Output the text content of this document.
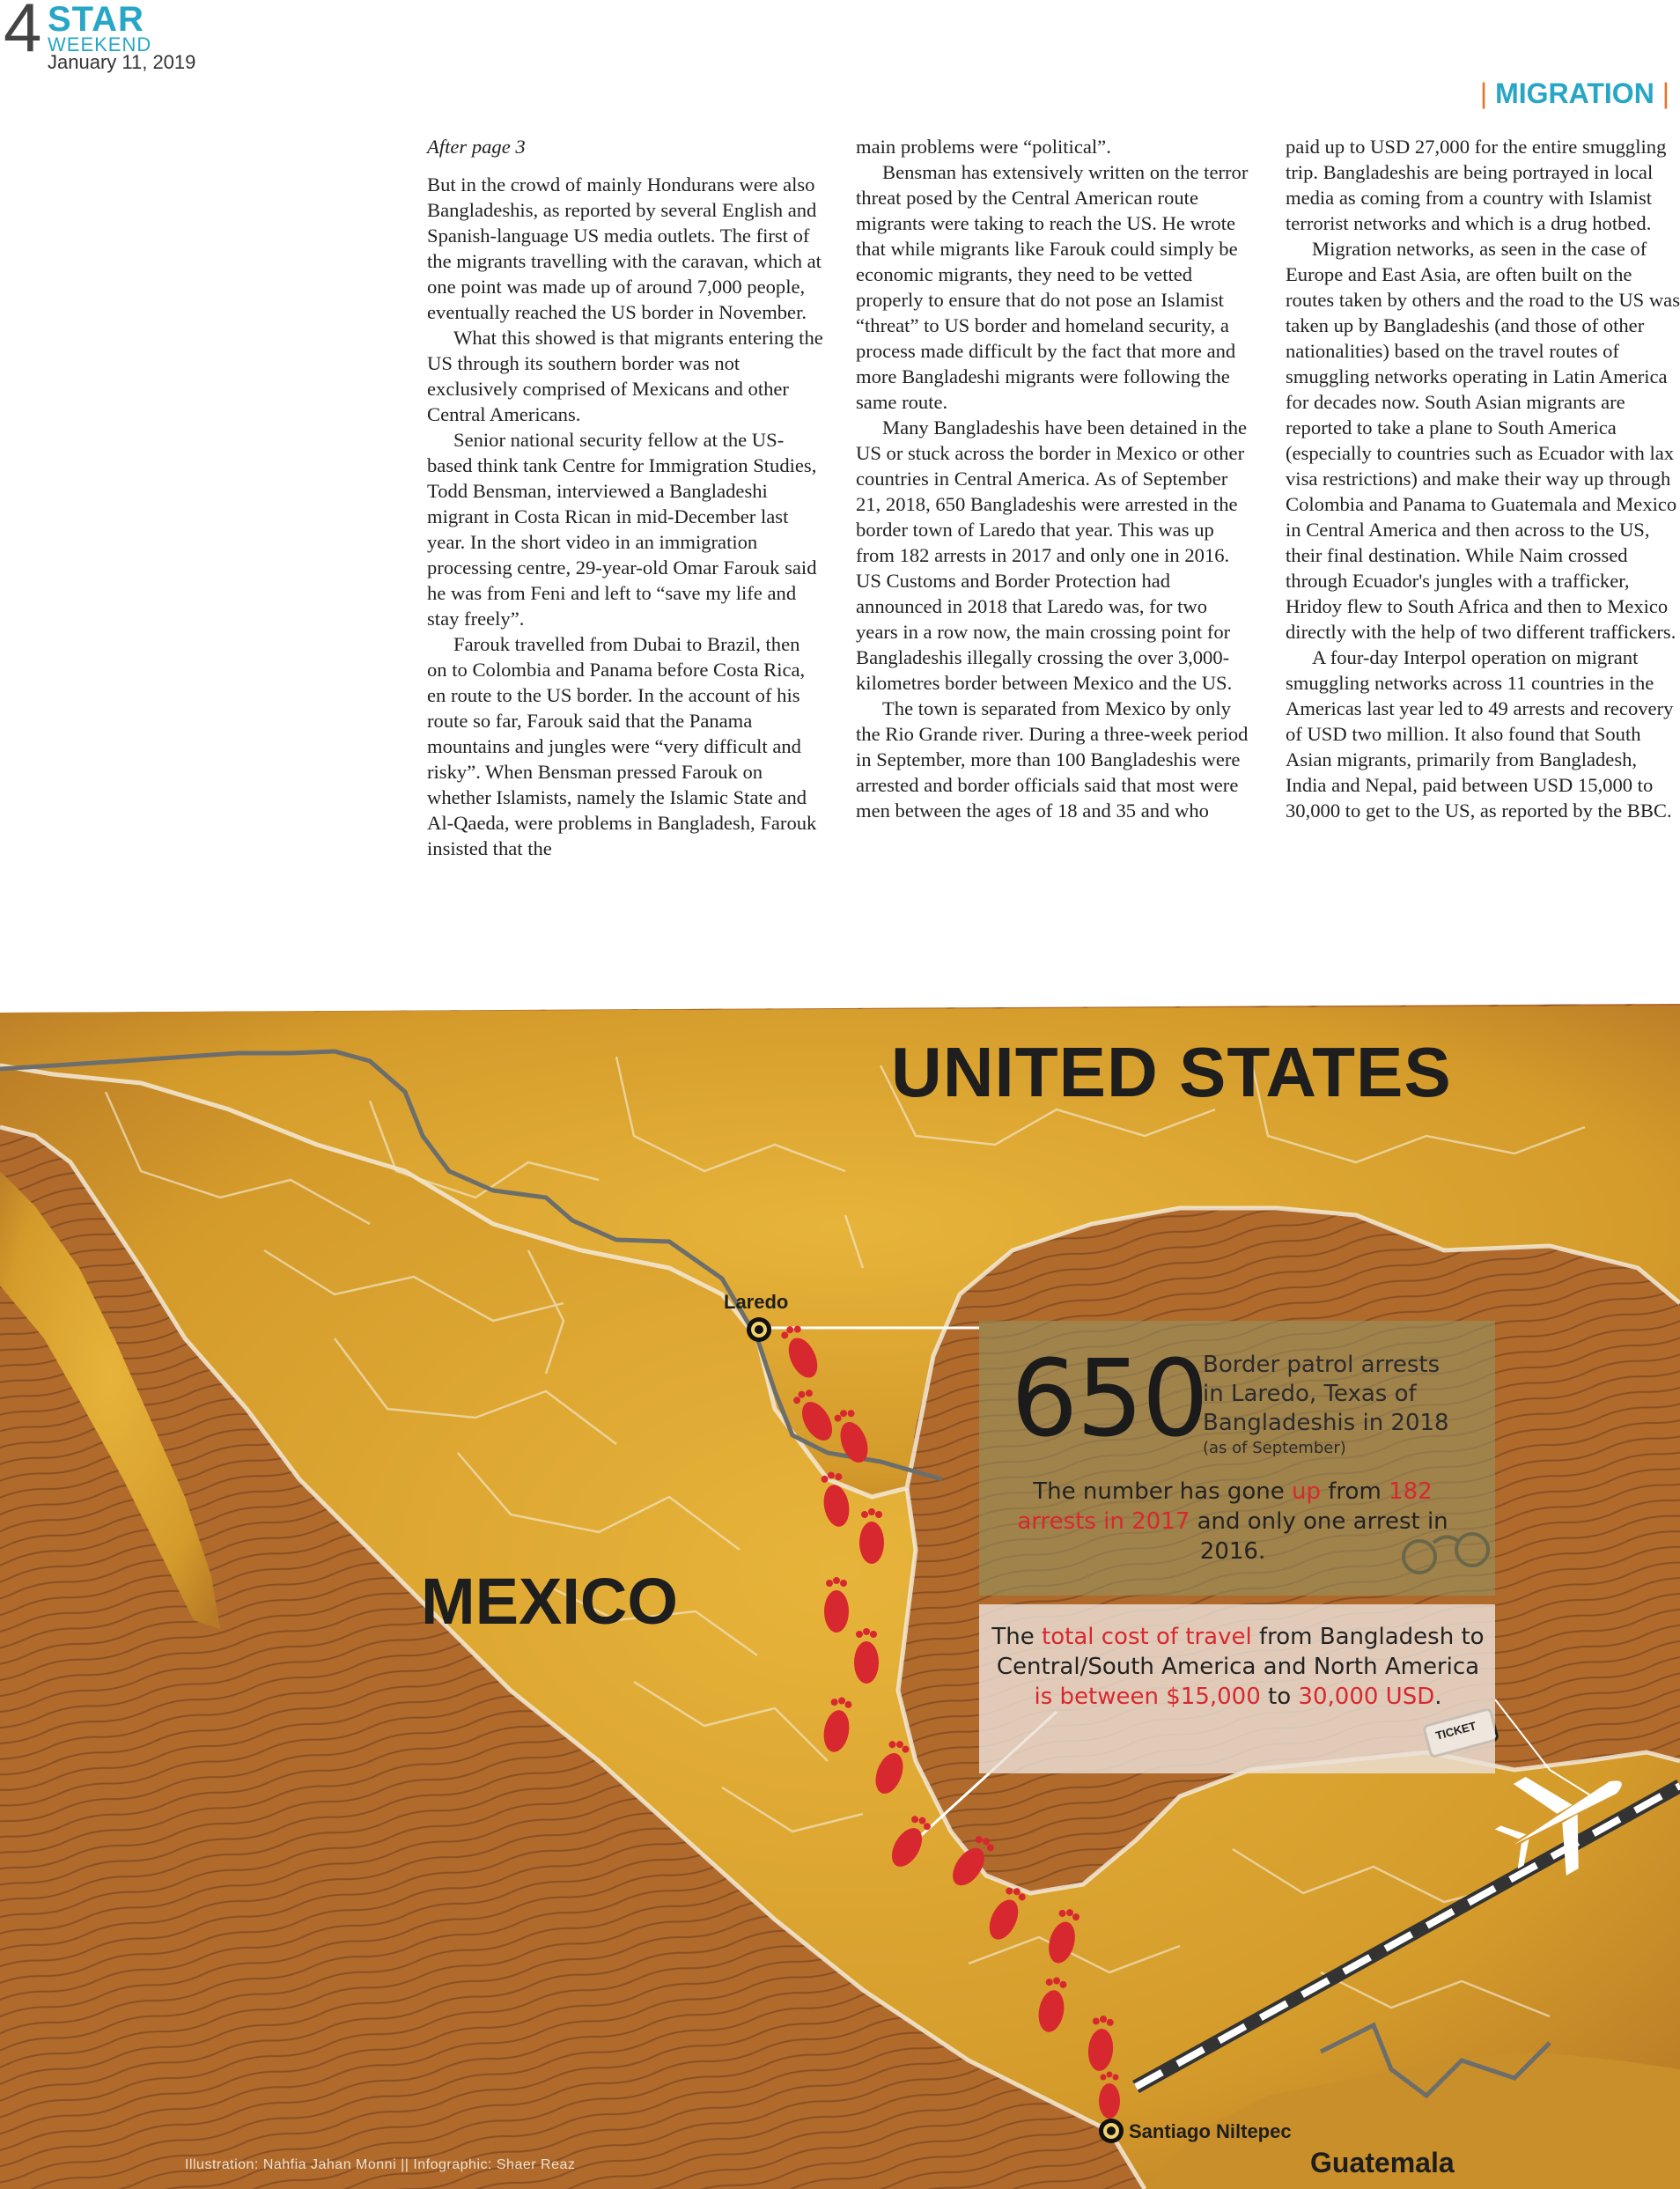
4 STAR
WEEKEND
January 11, 2019
| MIGRATION |
After page 3

But in the crowd of mainly Hondurans were also Bangladeshis, as reported by several English and Spanish-language US media outlets. The first of the migrants travelling with the caravan, which at one point was made up of around 7,000 people, eventually reached the US border in November.

What this showed is that migrants entering the US through its southern border was not exclusively comprised of Mexicans and other Central Americans.

Senior national security fellow at the US-based think tank Centre for Immigration Studies, Todd Bensman, interviewed a Bangladeshi migrant in Costa Rican in mid-December last year. In the short video in an immigration processing centre, 29-year-old Omar Farouk said he was from Feni and left to “save my life and stay freely”.

Farouk travelled from Dubai to Brazil, then on to Colombia and Panama before Costa Rica, en route to the US border. In the account of his route so far, Farouk said that the Panama mountains and jungles were “very difficult and risky”. When Bensman pressed Farouk on whether Islamists, namely the Islamic State and Al-Qaeda, were problems in Bangladesh, Farouk insisted that the

main problems were “political”.

Bensman has extensively written on the terror threat posed by the Central American route migrants were taking to reach the US. He wrote that while migrants like Farouk could simply be economic migrants, they need to be vetted properly to ensure that do not pose an Islamist “threat” to US border and homeland security, a process made difficult by the fact that more and more Bangladeshi migrants were following the same route.

Many Bangladeshis have been detained in the US or stuck across the border in Mexico or other countries in Central America. As of September 21, 2018, 650 Bangladeshis were arrested in the border town of Laredo that year. This was up from 182 arrests in 2017 and only one in 2016. US Customs and Border Protection had announced in 2018 that Laredo was, for two years in a row now, the main crossing point for Bangladeshis illegally crossing the over 3,000-kilometres border between Mexico and the US.

The town is separated from Mexico by only the Rio Grande river. During a three-week period in September, more than 100 Bangladeshis were arrested and border officials said that most were men between the ages of 18 and 35 and who

paid up to USD 27,000 for the entire smuggling trip. Bangladeshis are being portrayed in local media as coming from a country with Islamist terrorist networks and which is a drug hotbed.

Migration networks, as seen in the case of Europe and East Asia, are often built on the routes taken by others and the road to the US was taken up by Bangladeshis (and those of other nationalities) based on the travel routes of smuggling networks operating in Latin America for decades now. South Asian migrants are reported to take a plane to South America (especially to countries such as Ecuador with lax visa restrictions) and make their way up through Colombia and Panama to Guatemala and Mexico in Central America and then across to the US, their final destination. While Naim crossed through Ecuador's jungles with a trafficker, Hridoy flew to South Africa and then to Mexico directly with the help of two different traffickers.

A four-day Interpol operation on migrant smuggling networks across 11 countries in the Americas last year led to 49 arrests and recovery of USD two million. It also found that South Asian migrants, primarily from Bangladesh, India and Nepal, paid between USD 15,000 to 30,000 to get to the US, as reported by the BBC.

UNITED STATES
MEXICO
Laredo
Santiago Niltepec
Guatemala
650
Border patrol arrests
in Laredo, Texas of
Bangladeshis in 2018
(as of September)
The number has gone up from 182 arrests in 2017 and only one arrest in 2016.
The total cost of travel from Bangladesh to Central/South America and North America is between $15,000 to 30,000 USD.
TICKET
Illustration: Nahfia Jahan Monni || Infographic: Shaer Reaz
